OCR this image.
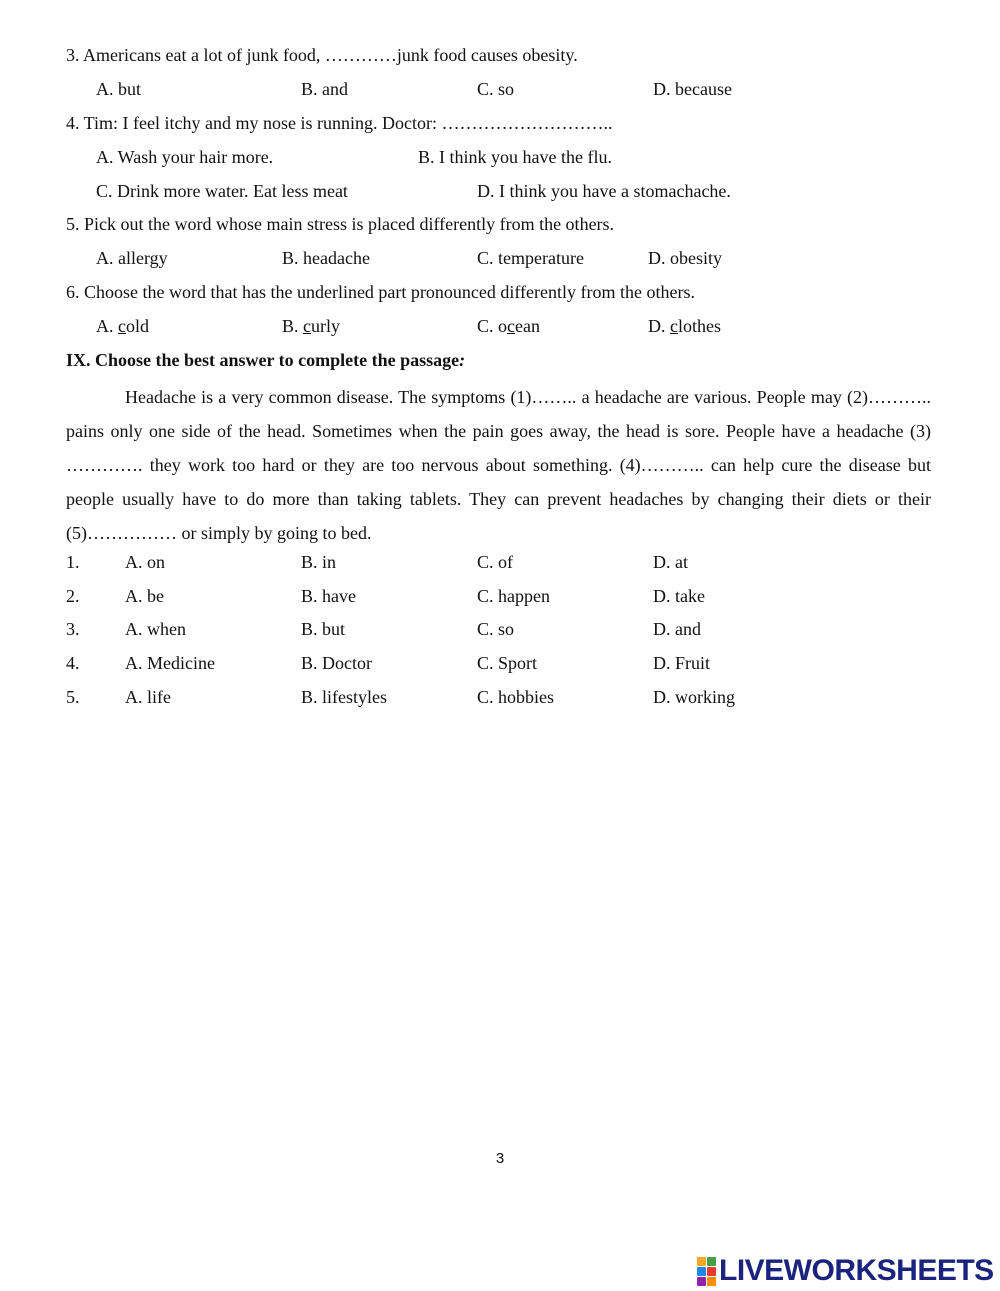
3. Americans eat a lot of junk food, …………junk food causes obesity.
A. but	B. and	C. so	D. because
4. Tim: I feel itchy and my nose is running. Doctor: ………………………..
A. Wash your hair more.	B. I think you have the flu.
C. Drink more water. Eat less meat	D. I think you have a stomachache.
5. Pick out the word whose main stress is placed differently from the others.
A. allergy	B. headache	C. temperature	D. obesity
6. Choose the word that has the underlined part pronounced differently from the others.
A. cold	B. curly	C. ocean	D. clothes
IX. Choose the best answer to complete the passage:
Headache is a very common disease. The symptoms (1)…….. a headache are various. People may (2)……….. pains only one side of the head. Sometimes when the pain goes away, the head is sore. People have a headache (3) …………. they work too hard or they are too nervous about something. (4)……….. can help cure the disease but people usually have to do more than taking tablets. They can prevent headaches by changing their diets or their (5)…………… or simply by going to bed.
1.	A. on	B. in	C. of	D. at
2.	A. be	B. have	C. happen	D. take
3.	A. when	B. but	C. so	D. and
4.	A. Medicine	B. Doctor	C. Sport	D. Fruit
5.	A. life	B. lifestyles	C. hobbies	D. working
3
LIVEWORKSHEETS
